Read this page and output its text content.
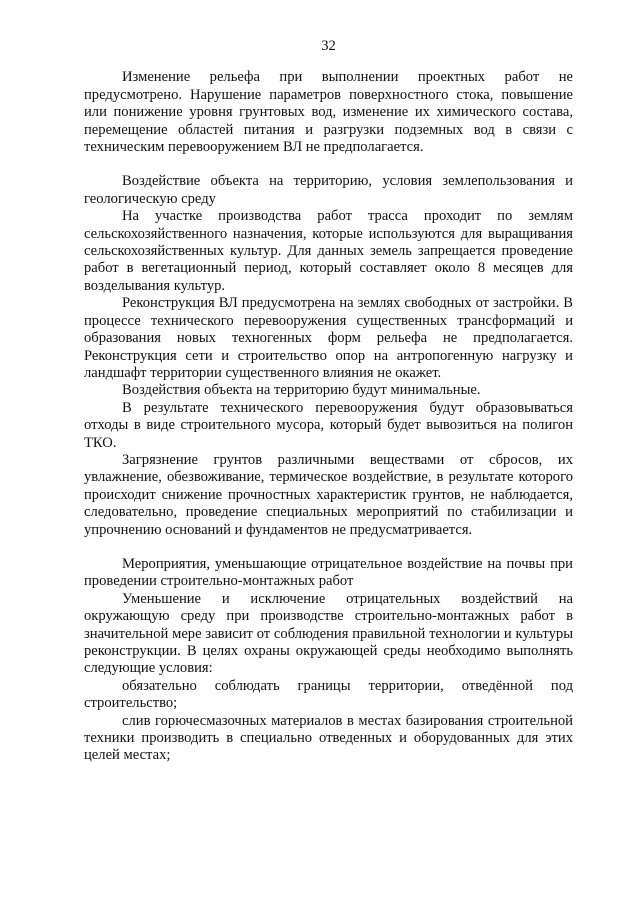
32

Изменение рельефа при выполнении проектных работ не предусмотрено. Нарушение параметров поверхностного стока, повышение или понижение уровня грунтовых вод, изменение их химического состава, перемещение областей питания и разгрузки подземных вод в связи с техническим перевооружением ВЛ не предполагается.

Воздействие объекта на территорию, условия землепользования и геологическую среду

На участке производства работ трасса проходит по землям сельскохозяйственного назначения, которые используются для выращивания сельскохозяйственных культур. Для данных земель запрещается проведение работ в вегетационный период, который составляет около 8 месяцев для возделывания культур.

Реконструкция ВЛ предусмотрена на землях свободных от застройки. В процессе технического перевооружения существенных трансформаций и образования новых техногенных форм рельефа не предполагается. Реконструкция сети и строительство опор на антропогенную нагрузку и ландшафт территории существенного влияния не окажет.

Воздействия объекта на территорию будут минимальные.

В результате технического перевооружения будут образовываться отходы в виде строительного мусора, который будет вывозиться на полигон ТКО.

Загрязнение грунтов различными веществами от сбросов, их увлажнение, обезвоживание, термическое воздействие, в результате которого происходит снижение прочностных характеристик грунтов, не наблюдается, следовательно, проведение специальных мероприятий по стабилизации и упрочнению оснований и фундаментов не предусматривается.

Мероприятия, уменьшающие отрицательное воздействие на почвы при проведении строительно-монтажных работ

Уменьшение и исключение отрицательных воздействий на окружающую среду при производстве строительно-монтажных работ в значительной мере зависит от соблюдения правильной технологии и культуры реконструкции. В целях охраны окружающей среды необходимо выполнять следующие условия:

обязательно соблюдать границы территории, отведённой под строительство;

слив горючесмазочных материалов в местах базирования строительной техники производить в специально отведенных и оборудованных для этих целей местах;
